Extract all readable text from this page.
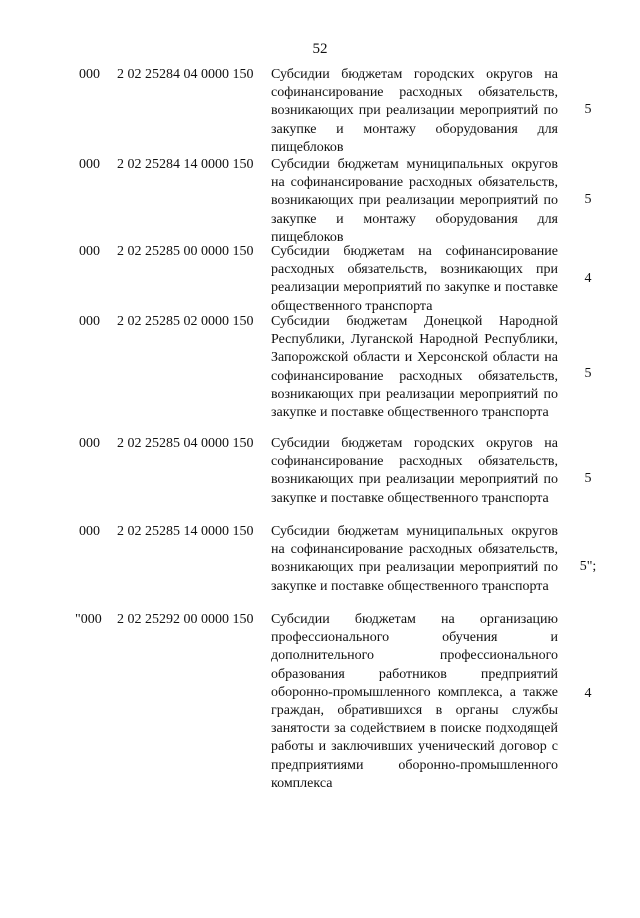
52
000 2 02 25284 04 0000 150 Субсидии бюджетам городских округов на софинансирование расходных обязательств, возникающих при реализации мероприятий по закупке и монтажу оборудования для пищеблоков
5
000 2 02 25284 14 0000 150 Субсидии бюджетам муниципальных округов на софинансирование расходных обязательств, возникающих при реализации мероприятий по закупке и монтажу оборудования для пищеблоков
5
000 2 02 25285 00 0000 150 Субсидии бюджетам на софинансирование расходных обязательств, возникающих при реализации мероприятий по закупке и поставке общественного транспорта
4
000 2 02 25285 02 0000 150 Субсидии бюджетам Донецкой Народной Республики, Луганской Народной Республики, Запорожской области и Херсонской области на софинансирование расходных обязательств, возникающих при реализации мероприятий по закупке и поставке общественного транспорта
5
000 2 02 25285 04 0000 150 Субсидии бюджетам городских округов на софинансирование расходных обязательств, возникающих при реализации мероприятий по закупке и поставке общественного транспорта
5
000 2 02 25285 14 0000 150 Субсидии бюджетам муниципальных округов на софинансирование расходных обязательств, возникающих при реализации мероприятий по закупке и поставке общественного транспорта
5";
"000 2 02 25292 00 0000 150 Субсидии бюджетам на организацию профессионального обучения и дополнительного профессионального образования работников предприятий оборонно-промышленного комплекса, а также граждан, обратившихся в органы службы занятости за содействием в поиске подходящей работы и заключивших ученический договор с предприятиями оборонно-промышленного комплекса
4
